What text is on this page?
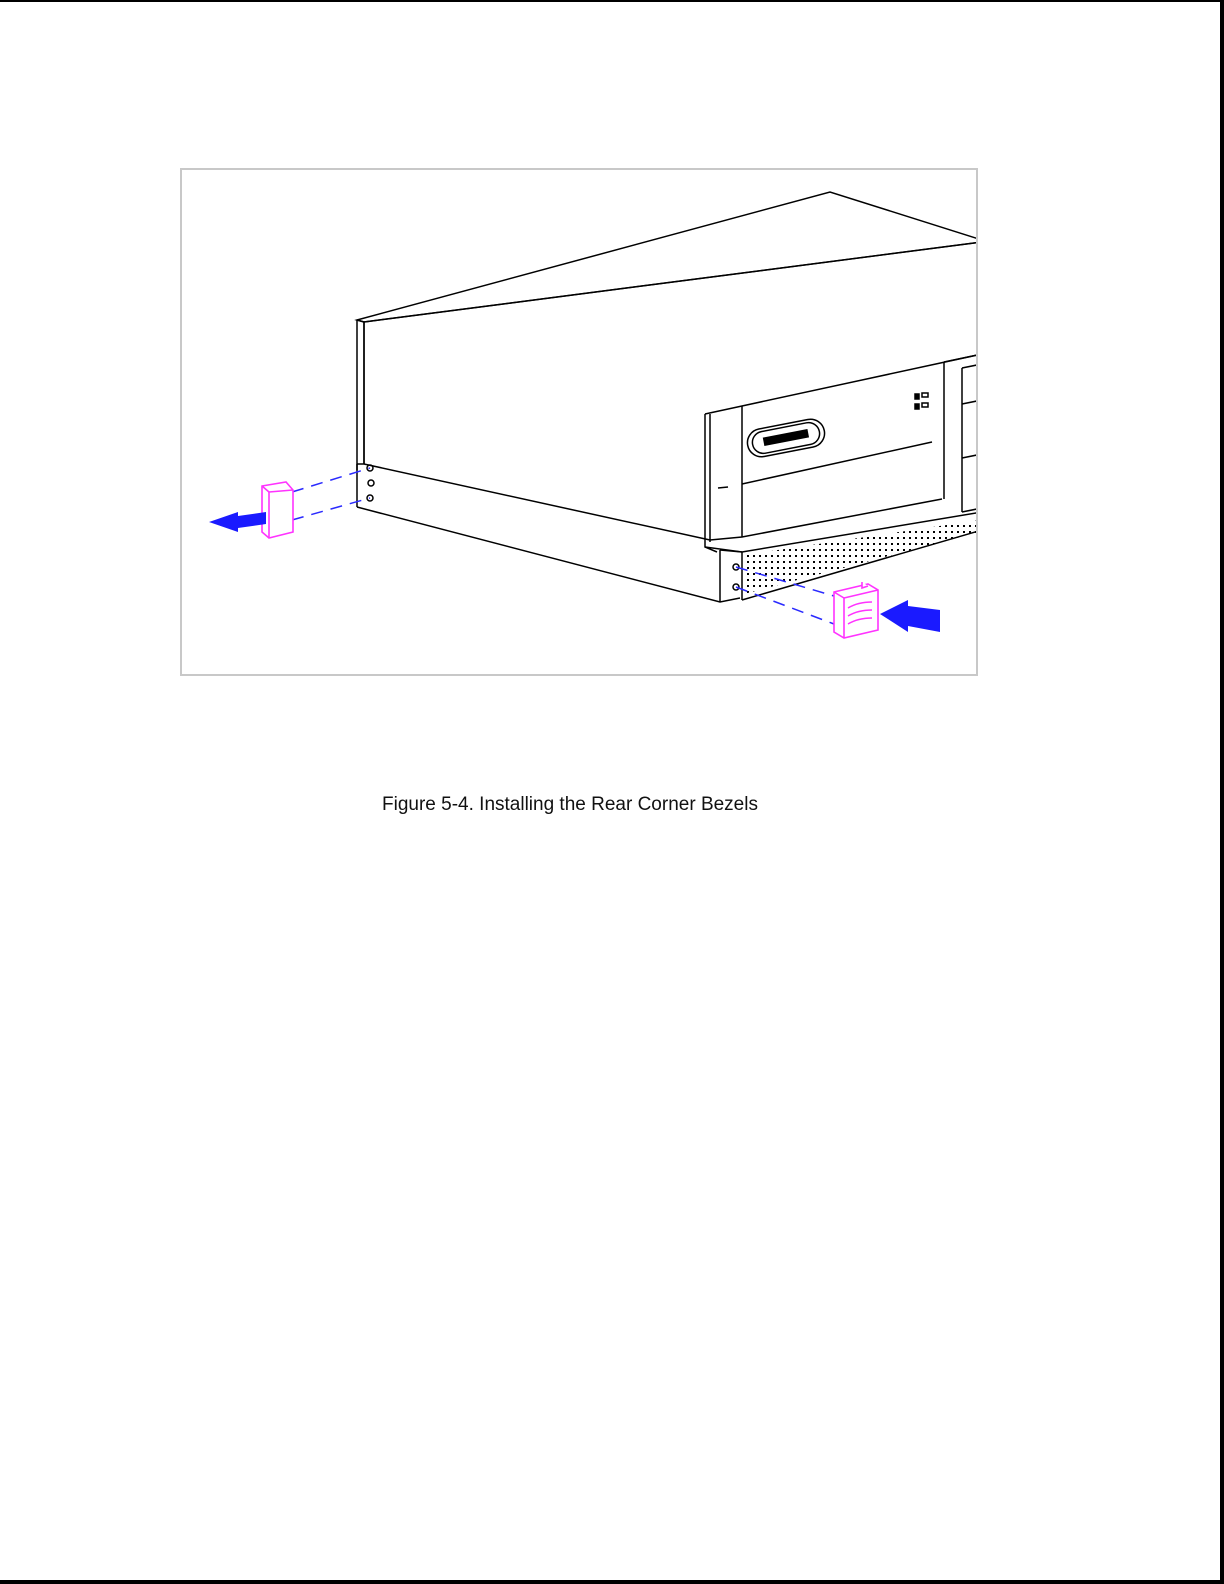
Figure 5-4. Installing the Rear Corner Bezels
